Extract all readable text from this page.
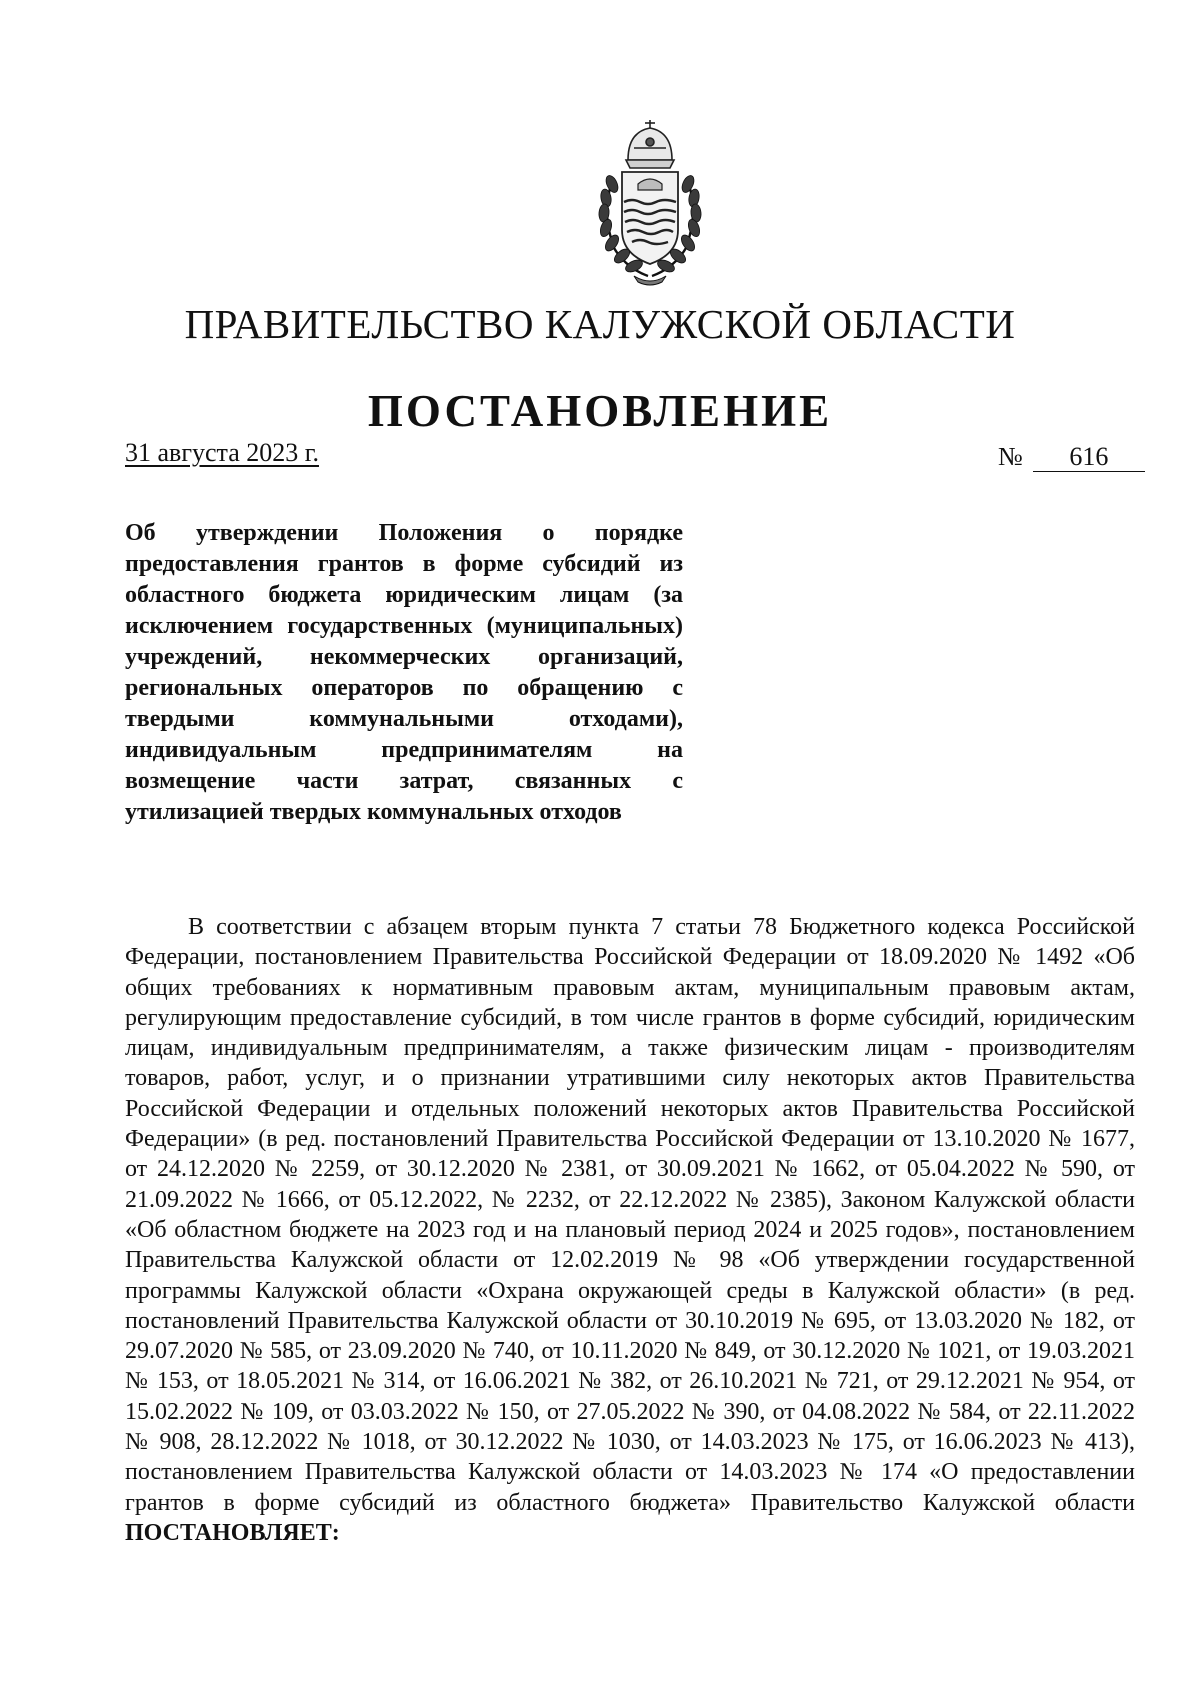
ПРАВИТЕЛЬСТВО КАЛУЖСКОЙ ОБЛАСТИ
ПОСТАНОВЛЕНИЕ
31 августа 2023 г.	№ 616
Об утверждении Положения о порядке предоставления грантов в форме субсидий из областного бюджета юридическим лицам (за исключением государственных (муниципальных) учреждений, некоммерческих организаций, региональных операторов по обращению с твердыми коммунальными отходами), индивидуальным предпринимателям на возмещение части затрат, связанных с утилизацией твердых коммунальных отходов
В соответствии с абзацем вторым пункта 7 статьи 78 Бюджетного кодекса Российской Федерации, постановлением Правительства Российской Федерации от 18.09.2020 № 1492 «Об общих требованиях к нормативным правовым актам, муниципальным правовым актам, регулирующим предоставление субсидий, в том числе грантов в форме субсидий, юридическим лицам, индивидуальным предпринимателям, а также физическим лицам - производителям товаров, работ, услуг, и о признании утратившими силу некоторых актов Правительства Российской Федерации и отдельных положений некоторых актов Правительства Российской Федерации» (в ред. постановлений Правительства Российской Федерации от 13.10.2020 № 1677, от 24.12.2020 № 2259, от 30.12.2020 № 2381, от 30.09.2021 № 1662, от 05.04.2022 № 590, от 21.09.2022 № 1666, от 05.12.2022, № 2232, от 22.12.2022 № 2385), Законом Калужской области «Об областном бюджете на 2023 год и на плановый период 2024 и 2025 годов», постановлением Правительства Калужской области от 12.02.2019 № 98 «Об утверждении государственной программы Калужской области «Охрана окружающей среды в Калужской области» (в ред. постановлений Правительства Калужской области от 30.10.2019 № 695, от 13.03.2020 № 182, от 29.07.2020 № 585, от 23.09.2020 № 740, от 10.11.2020 № 849, от 30.12.2020 № 1021, от 19.03.2021 № 153, от 18.05.2021 № 314, от 16.06.2021 № 382, от 26.10.2021 № 721, от 29.12.2021 № 954, от 15.02.2022 № 109, от 03.03.2022 № 150, от 27.05.2022 № 390, от 04.08.2022 № 584, от 22.11.2022 № 908, 28.12.2022 № 1018, от 30.12.2022 № 1030, от 14.03.2023 № 175, от 16.06.2023 № 413), постановлением Правительства Калужской области от 14.03.2023 № 174 «О предоставлении грантов в форме субсидий из областного бюджета» Правительство Калужской области ПОСТАНОВЛЯЕТ:
